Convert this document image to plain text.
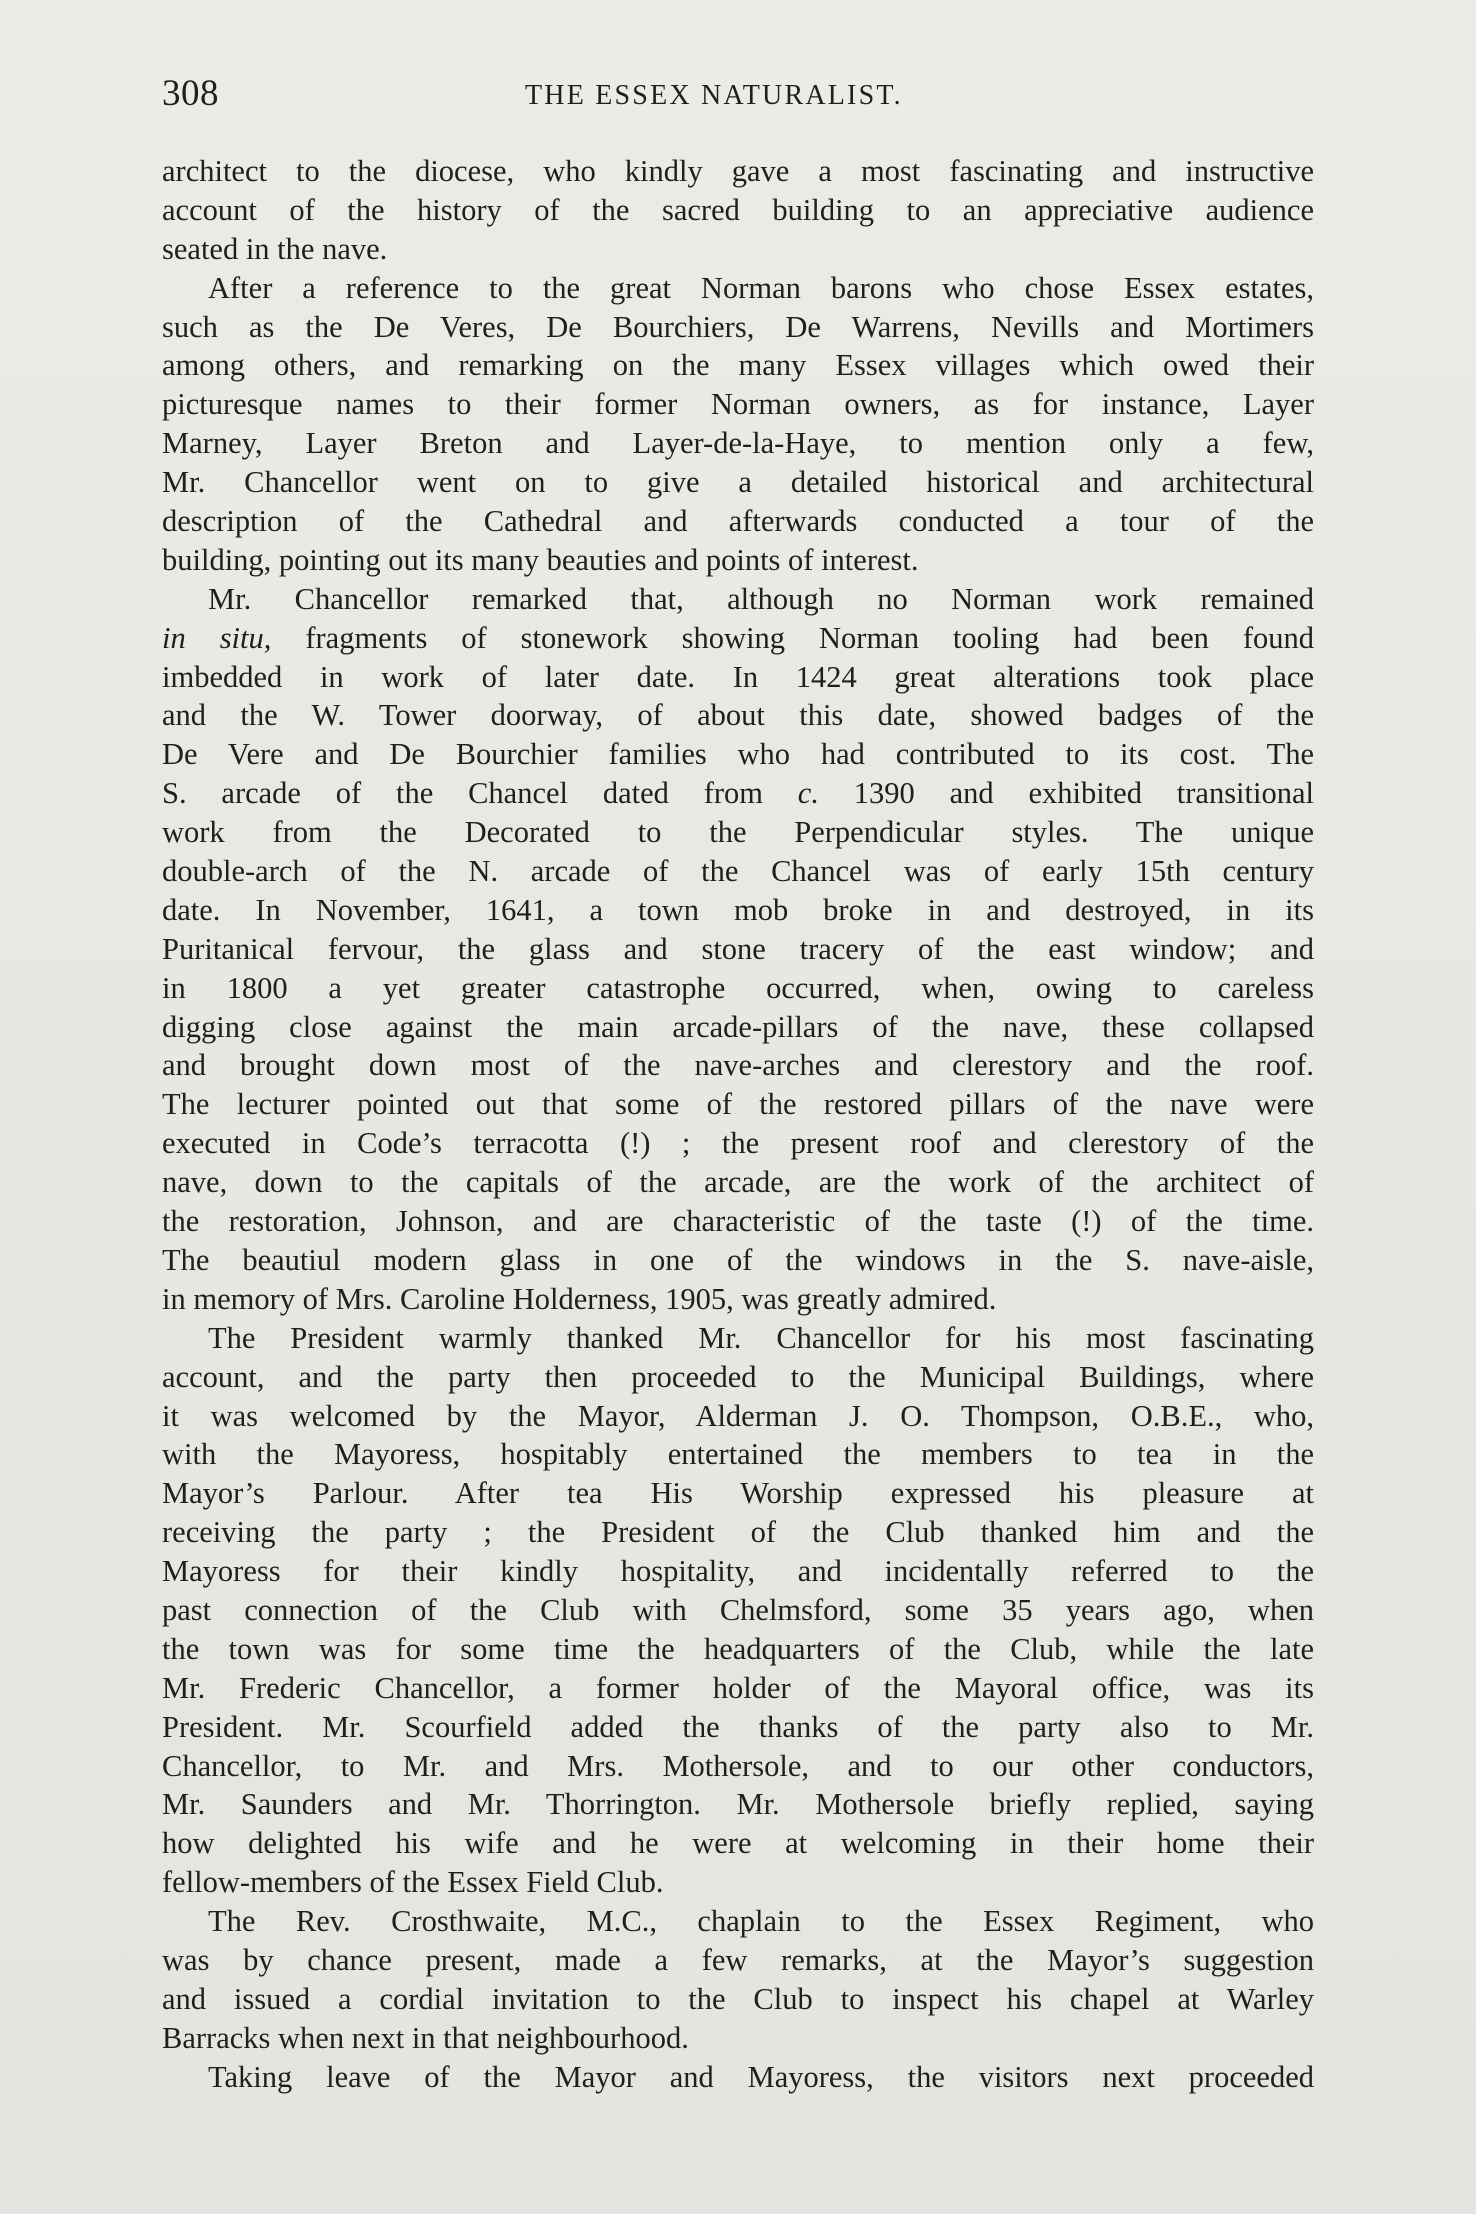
308	THE ESSEX NATURALIST.
architect to the diocese, who kindly gave a most fascinating and instructive
account of the history of the sacred building to an appreciative audience
seated in the nave.
After a reference to the great Norman barons who chose Essex estates,
such as the De Veres, De Bourchiers, De Warrens, Nevills and Mortimers
among others, and remarking on the many Essex villages which owed their
picturesque names to their former Norman owners, as for instance, Layer
Marney, Layer Breton and Layer-de-la-Haye, to mention only a few,
Mr. Chancellor went on to give a detailed historical and architectural
description of the Cathedral and afterwards conducted a tour of the
building, pointing out its many beauties and points of interest.
Mr. Chancellor remarked that, although no Norman work remained
in situ, fragments of stonework showing Norman tooling had been found
imbedded in work of later date. In 1424 great alterations took place
and the W. Tower doorway, of about this date, showed badges of the
De Vere and De Bourchier families who had contributed to its cost. The
S. arcade of the Chancel dated from c. 1390 and exhibited transitional
work from the Decorated to the Perpendicular styles. The unique
double-arch of the N. arcade of the Chancel was of early 15th century
date. In November, 1641, a town mob broke in and destroyed, in its
Puritanical fervour, the glass and stone tracery of the east window; and
in 1800 a yet greater catastrophe occurred, when, owing to careless
digging close against the main arcade-pillars of the nave, these collapsed
and brought down most of the nave-arches and clerestory and the roof.
The lecturer pointed out that some of the restored pillars of the nave were
executed in Code’s terracotta (!) ; the present roof and clerestory of the
nave, down to the capitals of the arcade, are the work of the architect of
the restoration, Johnson, and are characteristic of the taste (!) of the time.
The beautiul modern glass in one of the windows in the S. nave-aisle,
in memory of Mrs. Caroline Holderness, 1905, was greatly admired.
The President warmly thanked Mr. Chancellor for his most fascinating
account, and the party then proceeded to the Municipal Buildings, where
it was welcomed by the Mayor, Alderman J. O. Thompson, O.B.E., who,
with the Mayoress, hospitably entertained the members to tea in the
Mayor’s Parlour. After tea His Worship expressed his pleasure at
receiving the party ; the President of the Club thanked him and the
Mayoress for their kindly hospitality, and incidentally referred to the
past connection of the Club with Chelmsford, some 35 years ago, when
the town was for some time the headquarters of the Club, while the late
Mr. Frederic Chancellor, a former holder of the Mayoral office, was its
President. Mr. Scourfield added the thanks of the party also to Mr.
Chancellor, to Mr. and Mrs. Mothersole, and to our other conductors,
Mr. Saunders and Mr. Thorrington. Mr. Mothersole briefly replied, saying
how delighted his wife and he were at welcoming in their home their
fellow-members of the Essex Field Club.
The Rev. Crosthwaite, M.C., chaplain to the Essex Regiment, who
was by chance present, made a few remarks, at the Mayor’s suggestion
and issued a cordial invitation to the Club to inspect his chapel at Warley
Barracks when next in that neighbourhood.
Taking leave of the Mayor and Mayoress, the visitors next proceeded
